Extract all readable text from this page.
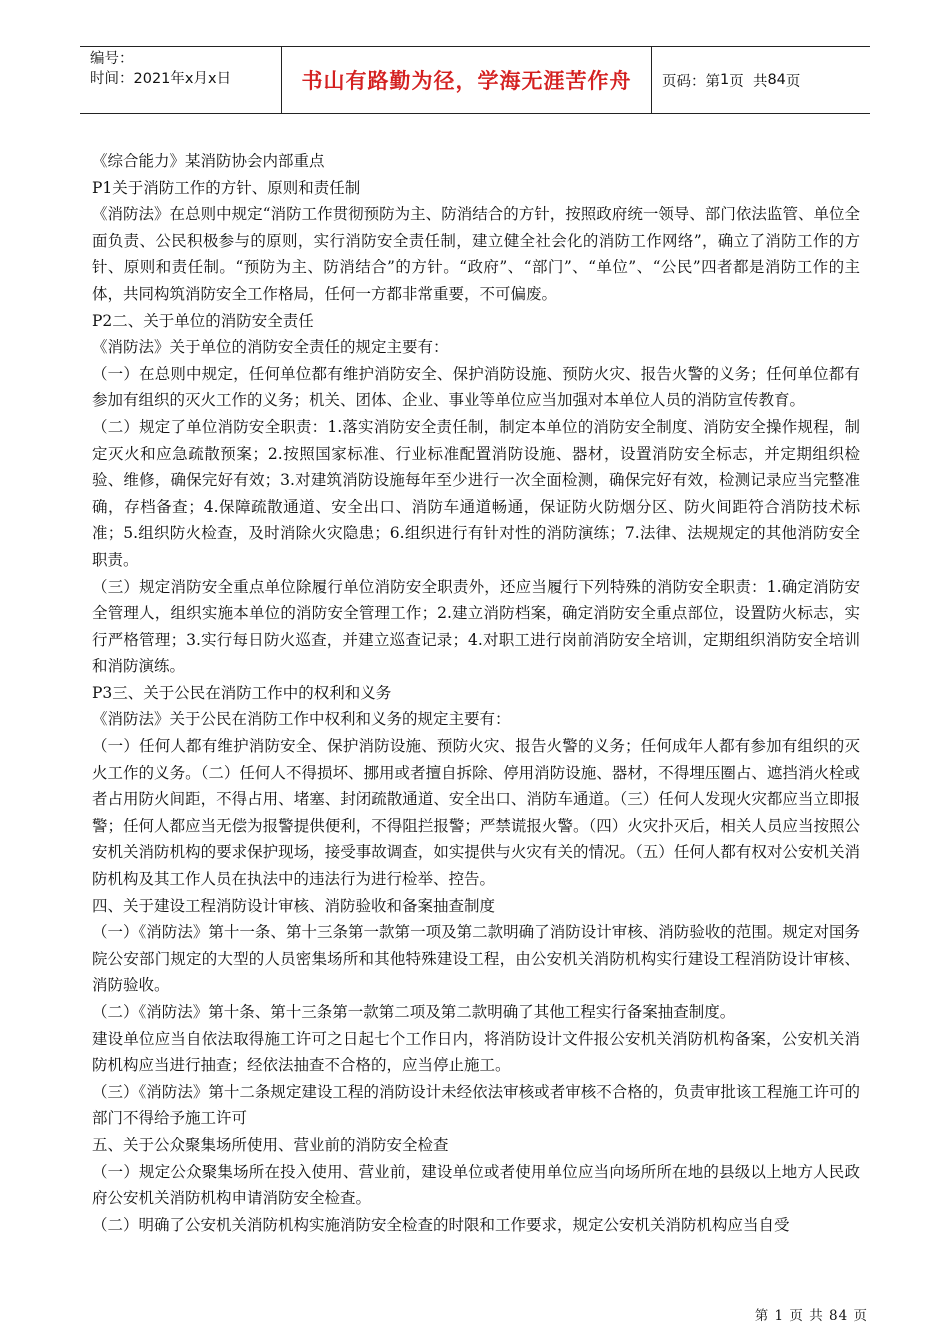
编号：
时间：2021年x月x日	书山有路勤为径，学海无涯苦作舟	页码：第 1 页  共 84 页

《综合能力》某消防协会内部重点

P1关于消防工作的方针、原则和责任制

《消防法》在总则中规定“消防工作贯彻预防为主、防消结合的方针，按照政府统一领导、部门依法监管、单位全面负责、公民积极参与的原则，实行消防安全责任制，建立健全社会化的消防工作网络”，确立了消防工作的方针、原则和责任制。“预防为主、防消结合”的方针。“政府”、“部门”、“单位”、“公民”四者都是消防工作的主体，共同构筑消防安全工作格局，任何一方都非常重要，不可偏废。

P2二、关于单位的消防安全责任

《消防法》关于单位的消防安全责任的规定主要有：

（一）在总则中规定，任何单位都有维护消防安全、保护消防设施、预防火灾、报告火警的义务；任何单位都有参加有组织的灭火工作的义务；机关、团体、企业、事业等单位应当加强对本单位人员的消防宣传教育。

（二）规定了单位消防安全职责：1.落实消防安全责任制，制定本单位的消防安全制度、消防安全操作规程，制定灭火和应急疏散预案；2.按照国家标准、行业标准配置消防设施、器材，设置消防安全标志，并定期组织检验、维修，确保完好有效；3.对建筑消防设施每年至少进行一次全面检测，确保完好有效，检测记录应当完整准确，存档备查；4.保障疏散通道、安全出口、消防车通道畅通，保证防火防烟分区、防火间距符合消防技术标准；5.组织防火检查，及时消除火灾隐患；6.组织进行有针对性的消防演练；7.法律、法规规定的其他消防安全职责。

（三）规定消防安全重点单位除履行单位消防安全职责外，还应当履行下列特殊的消防安全职责：1.确定消防安全管理人，组织实施本单位的消防安全管理工作；2.建立消防档案，确定消防安全重点部位，设置防火标志，实行严格管理；3.实行每日防火巡查，并建立巡查记录；4.对职工进行岗前消防安全培训，定期组织消防安全培训和消防演练。

P3三、关于公民在消防工作中的权利和义务

《消防法》关于公民在消防工作中权利和义务的规定主要有：

（一）任何人都有维护消防安全、保护消防设施、预防火灾、报告火警的义务；任何成年人都有参加有组织的灭火工作的义务。（二）任何人不得损坏、挪用或者擅自拆除、停用消防设施、器材，不得埋压圈占、遮挡消火栓或者占用防火间距，不得占用、堵塞、封闭疏散通道、安全出口、消防车通道。（三）任何人发现火灾都应当立即报警；任何人都应当无偿为报警提供便利，不得阻拦报警；严禁谎报火警。（四）火灾扑灭后，相关人员应当按照公安机关消防机构的要求保护现场，接受事故调查，如实提供与火灾有关的情况。（五）任何人都有权对公安机关消防机构及其工作人员在执法中的违法行为进行检举、控告。

四、关于建设工程消防设计审核、消防验收和备案抽查制度

（一）《消防法》第十一条、第十三条第一款第一项及第二款明确了消防设计审核、消防验收的范围。规定对国务院公安部门规定的大型的人员密集场所和其他特殊建设工程，由公安机关消防机构实行建设工程消防设计审核、消防验收。

（二）《消防法》第十条、第十三条第一款第二项及第二款明确了其他工程实行备案抽查制度。

建设单位应当自依法取得施工许可之日起七个工作日内，将消防设计文件报公安机关消防机构备案，公安机关消防机构应当进行抽查；经依法抽查不合格的，应当停止施工。

（三）《消防法》第十二条规定建设工程的消防设计未经依法审核或者审核不合格的，负责审批该工程施工许可的部门不得给予施工许可

五、关于公众聚集场所使用、营业前的消防安全检查

（一）规定公众聚集场所在投入使用、营业前，建设单位或者使用单位应当向场所所在地的县级以上地方人民政府公安机关消防机构申请消防安全检查。

（二）明确了公安机关消防机构实施消防安全检查的时限和工作要求，规定公安机关消防机构应当自受

第 1 页 共 84 页
